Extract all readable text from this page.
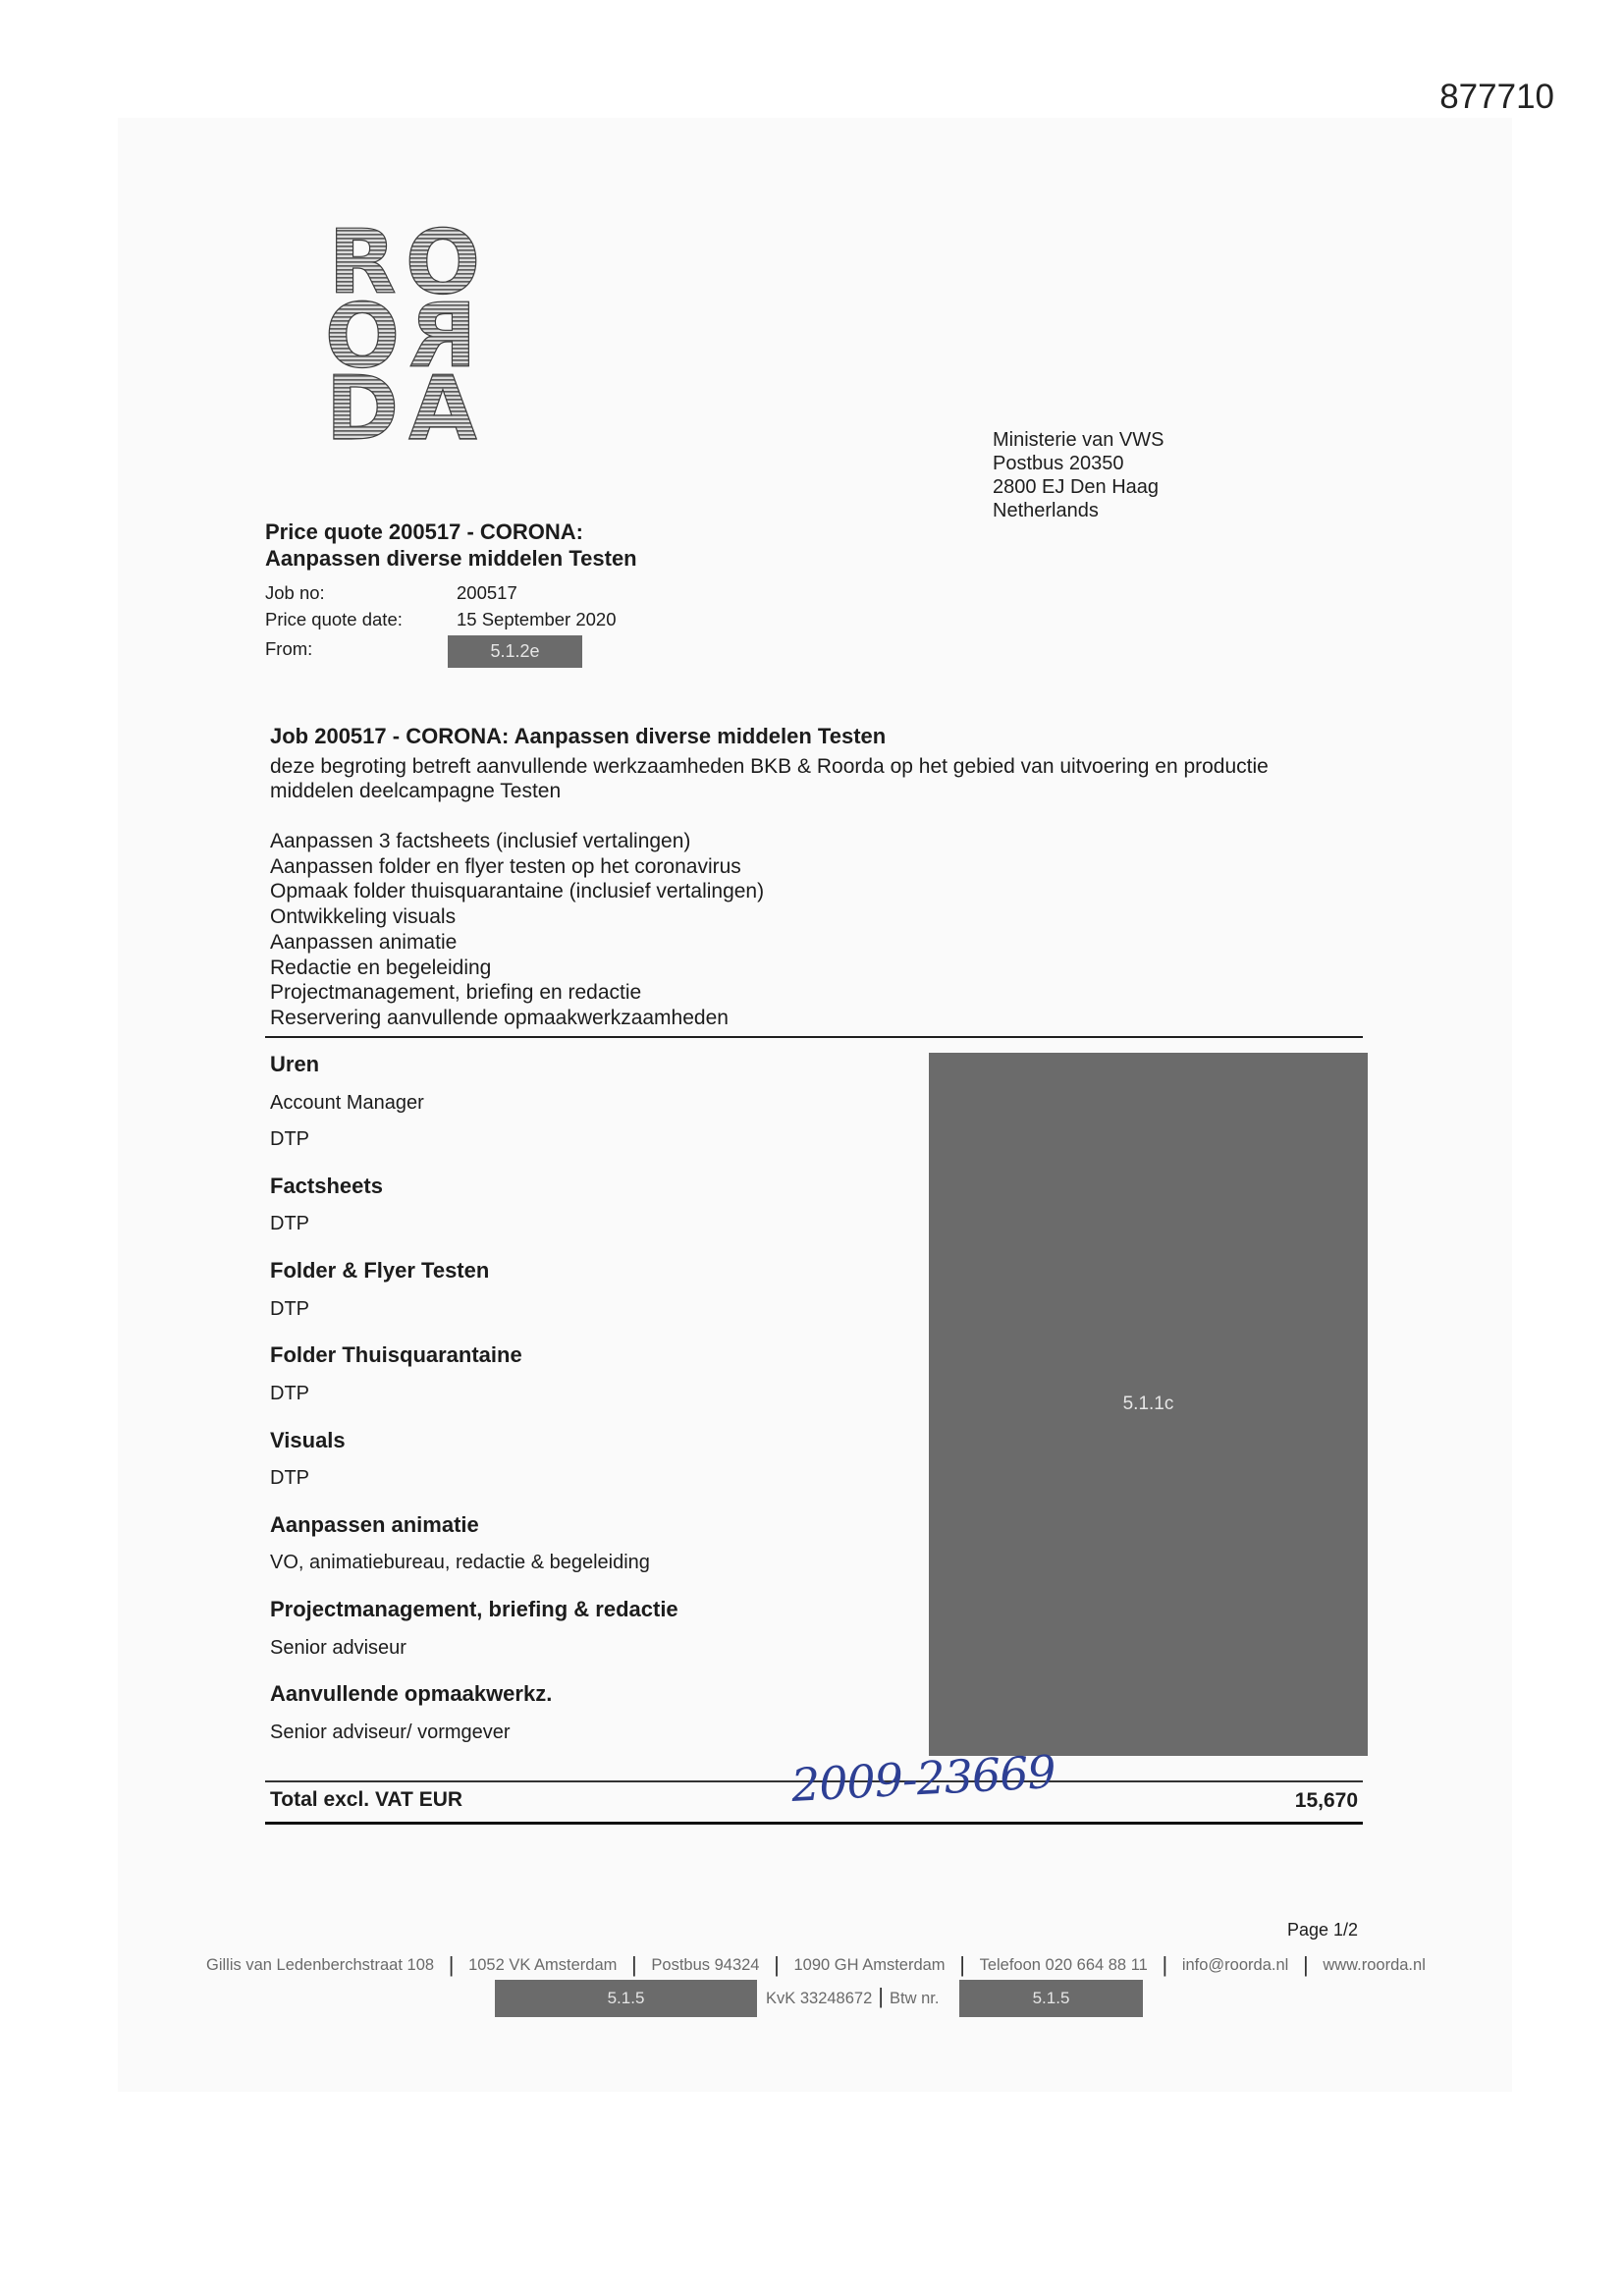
877710
R O
O R
D A	Ministerie van VWS
Postbus 20350
2800 EJ Den Haag
Netherlands
Price quote 200517 - CORONA:
Aanpassen diverse middelen Testen
Job no:	200517
Price quote date:	15 September 2020
From:	5.1.2e
Job 200517 - CORONA: Aanpassen diverse middelen Testen
deze begroting betreft aanvullende werkzaamheden BKB & Roorda op het gebied van uitvoering en productie
middelen deelcampagne Testen
Aanpassen 3 factsheets (inclusief vertalingen)
Aanpassen folder en flyer testen op het coronavirus
Opmaak folder thuisquarantaine (inclusief vertalingen)
Ontwikkeling visuals
Aanpassen animatie
Redactie en begeleiding
Projectmanagement, briefing en redactie
Reservering aanvullende opmaakwerkzaamheden
Uren
Account Manager
DTP
Factsheets
DTP
Folder & Flyer Testen
DTP
Folder Thuisquarantaine
DTP
Visuals
DTP
Aanpassen animatie
VO, animatiebureau, redactie & begeleiding
Projectmanagement, briefing & redactie
Senior adviseur
Aanvullende opmaakwerkz.
Senior adviseur/ vormgever
5.1.1c
Total excl. VAT EUR	15,670
2009-23669
Page 1/2
Gillis van Ledenberchstraat 108 | 1052 VK Amsterdam | Postbus 94324 | 1090 GH Amsterdam | Telefoon 020 664 88 11 | info@roorda.nl | www.roorda.nl
5.1.5	KvK 33248672 | Btw nr.	5.1.5
